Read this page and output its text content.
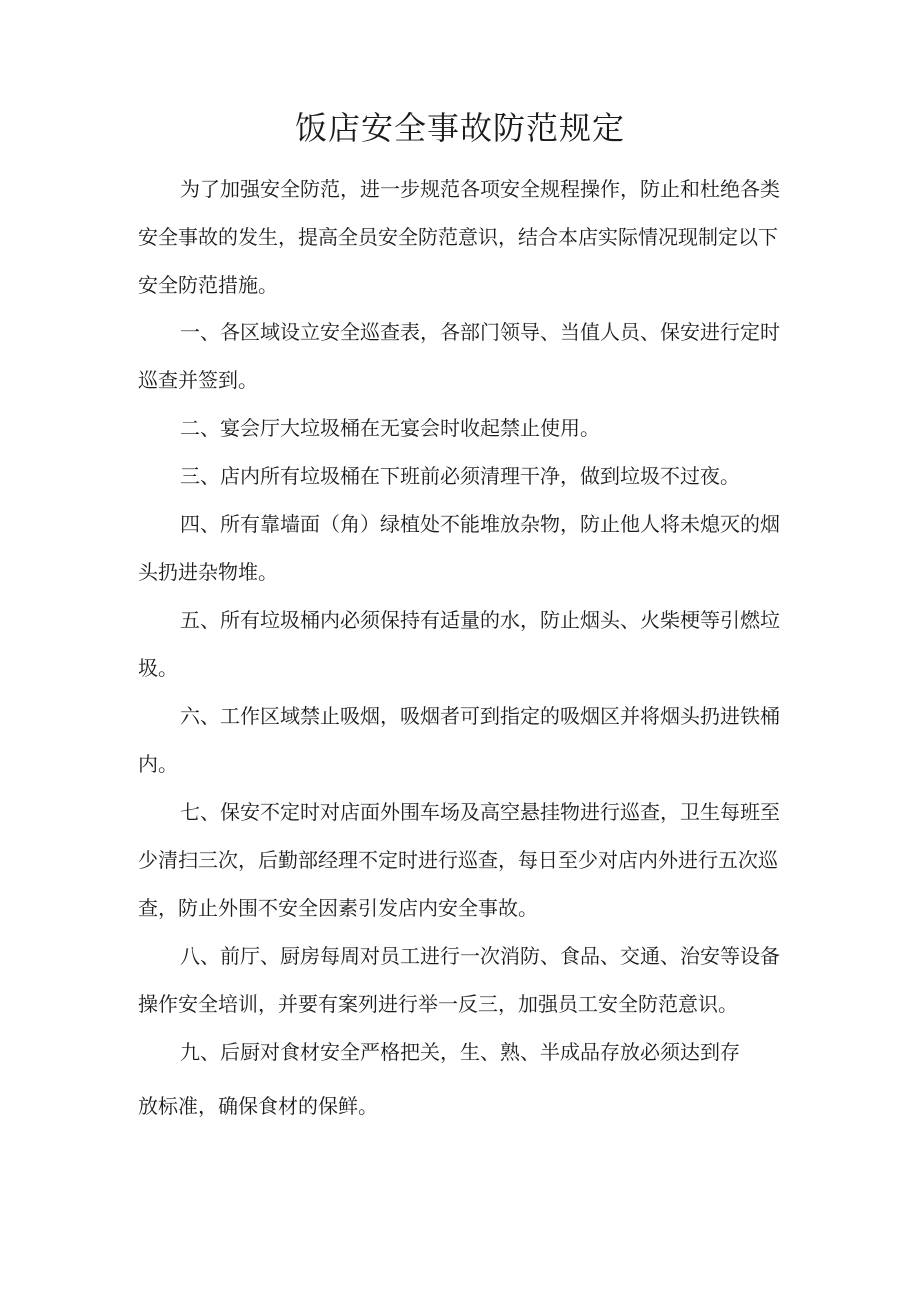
饭店安全事故防范规定
为了加强安全防范，进一步规范各项安全规程操作，防止和杜绝各类
安全事故的发生，提高全员安全防范意识，结合本店实际情况现制定以下
安全防范措施。
一、各区域设立安全巡查表，各部门领导、当值人员、保安进行定时
巡查并签到。
二、宴会厅大垃圾桶在无宴会时收起禁止使用。
三、店内所有垃圾桶在下班前必须清理干净，做到垃圾不过夜。
四、所有靠墙面（角）绿植处不能堆放杂物，防止他人将未熄灭的烟
头扔进杂物堆。
五、所有垃圾桶内必须保持有适量的水，防止烟头、火柴梗等引燃垃
圾。
六、工作区域禁止吸烟，吸烟者可到指定的吸烟区并将烟头扔进铁桶
内。
七、保安不定时对店面外围车场及高空悬挂物进行巡查，卫生每班至
少清扫三次，后勤部经理不定时进行巡查，每日至少对店内外进行五次巡
查，防止外围不安全因素引发店内安全事故。
八、前厅、厨房每周对员工进行一次消防、食品、交通、治安等设备
操作安全培训，并要有案列进行举一反三，加强员工安全防范意识。
九、后厨对食材安全严格把关，生、熟、半成品存放必须达到存
放标准，确保食材的保鲜。
